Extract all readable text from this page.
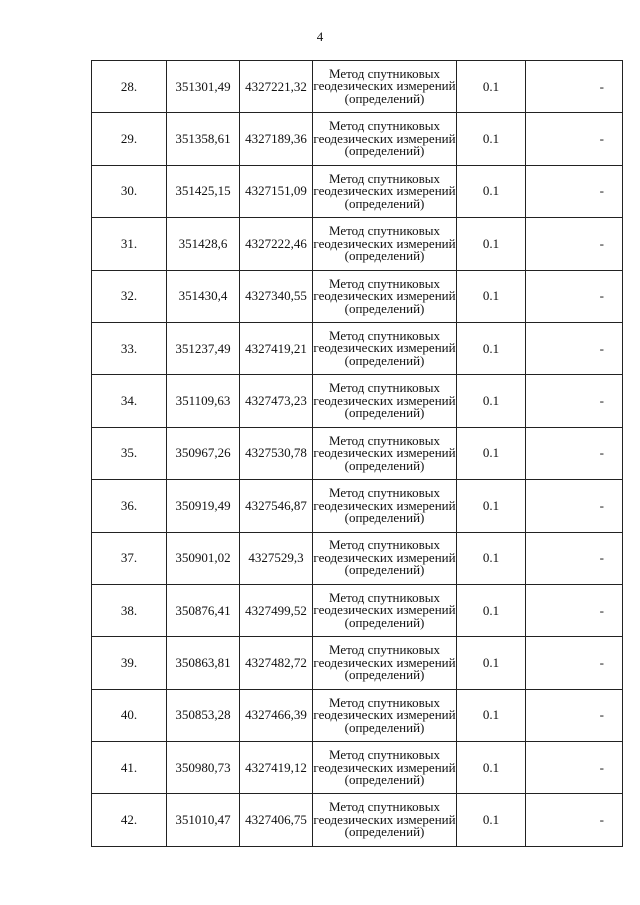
4
28.	351301,49	4327221,32	Метод спутниковых
геодезических измерений
(определений)	0.1	-
29.	351358,61	4327189,36	Метод спутниковых
геодезических измерений
(определений)	0.1	-
30.	351425,15	4327151,09	Метод спутниковых
геодезических измерений
(определений)	0.1	-
31.	351428,6	4327222,46	Метод спутниковых
геодезических измерений
(определений)	0.1	-
32.	351430,4	4327340,55	Метод спутниковых
геодезических измерений
(определений)	0.1	-
33.	351237,49	4327419,21	Метод спутниковых
геодезических измерений
(определений)	0.1	-
34.	351109,63	4327473,23	Метод спутниковых
геодезических измерений
(определений)	0.1	-
35.	350967,26	4327530,78	Метод спутниковых
геодезических измерений
(определений)	0.1	-
36.	350919,49	4327546,87	Метод спутниковых
геодезических измерений
(определений)	0.1	-
37.	350901,02	4327529,3	Метод спутниковых
геодезических измерений
(определений)	0.1	-
38.	350876,41	4327499,52	Метод спутниковых
геодезических измерений
(определений)	0.1	-
39.	350863,81	4327482,72	Метод спутниковых
геодезических измерений
(определений)	0.1	-
40.	350853,28	4327466,39	Метод спутниковых
геодезических измерений
(определений)	0.1	-
41.	350980,73	4327419,12	Метод спутниковых
геодезических измерений
(определений)	0.1	-
42.	351010,47	4327406,75	Метод спутниковых
геодезических измерений
(определений)	0.1	-
